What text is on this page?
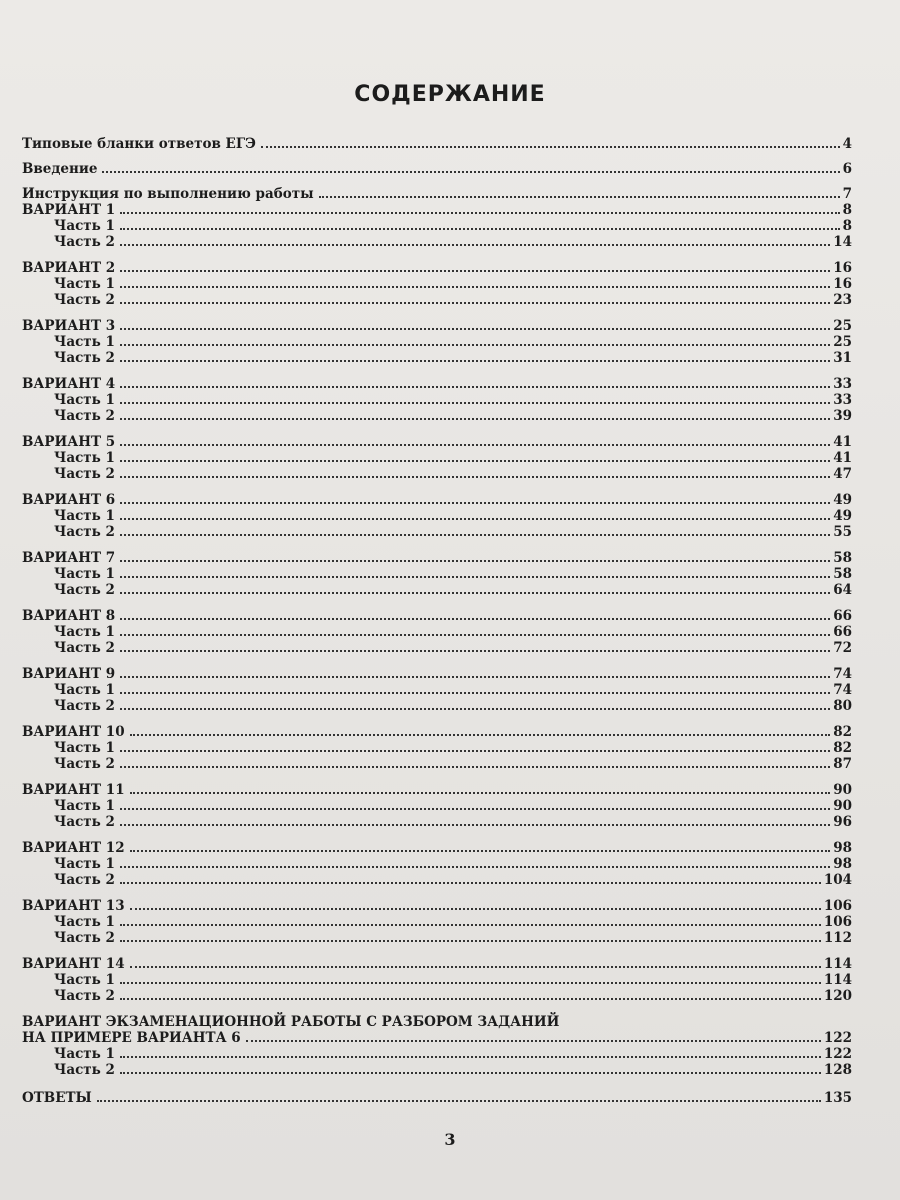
СОДЕРЖАНИЕ
Типовые бланки ответов ЕГЭ	4
Введение	6
Инструкция по выполнению работы	7
ВАРИАНТ 1	8
Часть 1	8
Часть 2	14
ВАРИАНТ 2	16
Часть 1	16
Часть 2	23
ВАРИАНТ 3	25
Часть 1	25
Часть 2	31
ВАРИАНТ 4	33
Часть 1	33
Часть 2	39
ВАРИАНТ 5	41
Часть 1	41
Часть 2	47
ВАРИАНТ 6	49
Часть 1	49
Часть 2	55
ВАРИАНТ 7	58
Часть 1	58
Часть 2	64
ВАРИАНТ 8	66
Часть 1	66
Часть 2	72
ВАРИАНТ 9	74
Часть 1	74
Часть 2	80
ВАРИАНТ 10	82
Часть 1	82
Часть 2	87
ВАРИАНТ 11	90
Часть 1	90
Часть 2	96
ВАРИАНТ 12	98
Часть 1	98
Часть 2	104
ВАРИАНТ 13	106
Часть 1	106
Часть 2	112
ВАРИАНТ 14	114
Часть 1	114
Часть 2	120
ВАРИАНТ ЭКЗАМЕНАЦИОННОЙ РАБОТЫ С РАЗБОРОМ ЗАДАНИЙ
НА ПРИМЕРЕ ВАРИАНТА 6	122
Часть 1	122
Часть 2	128
ОТВЕТЫ	135
3
